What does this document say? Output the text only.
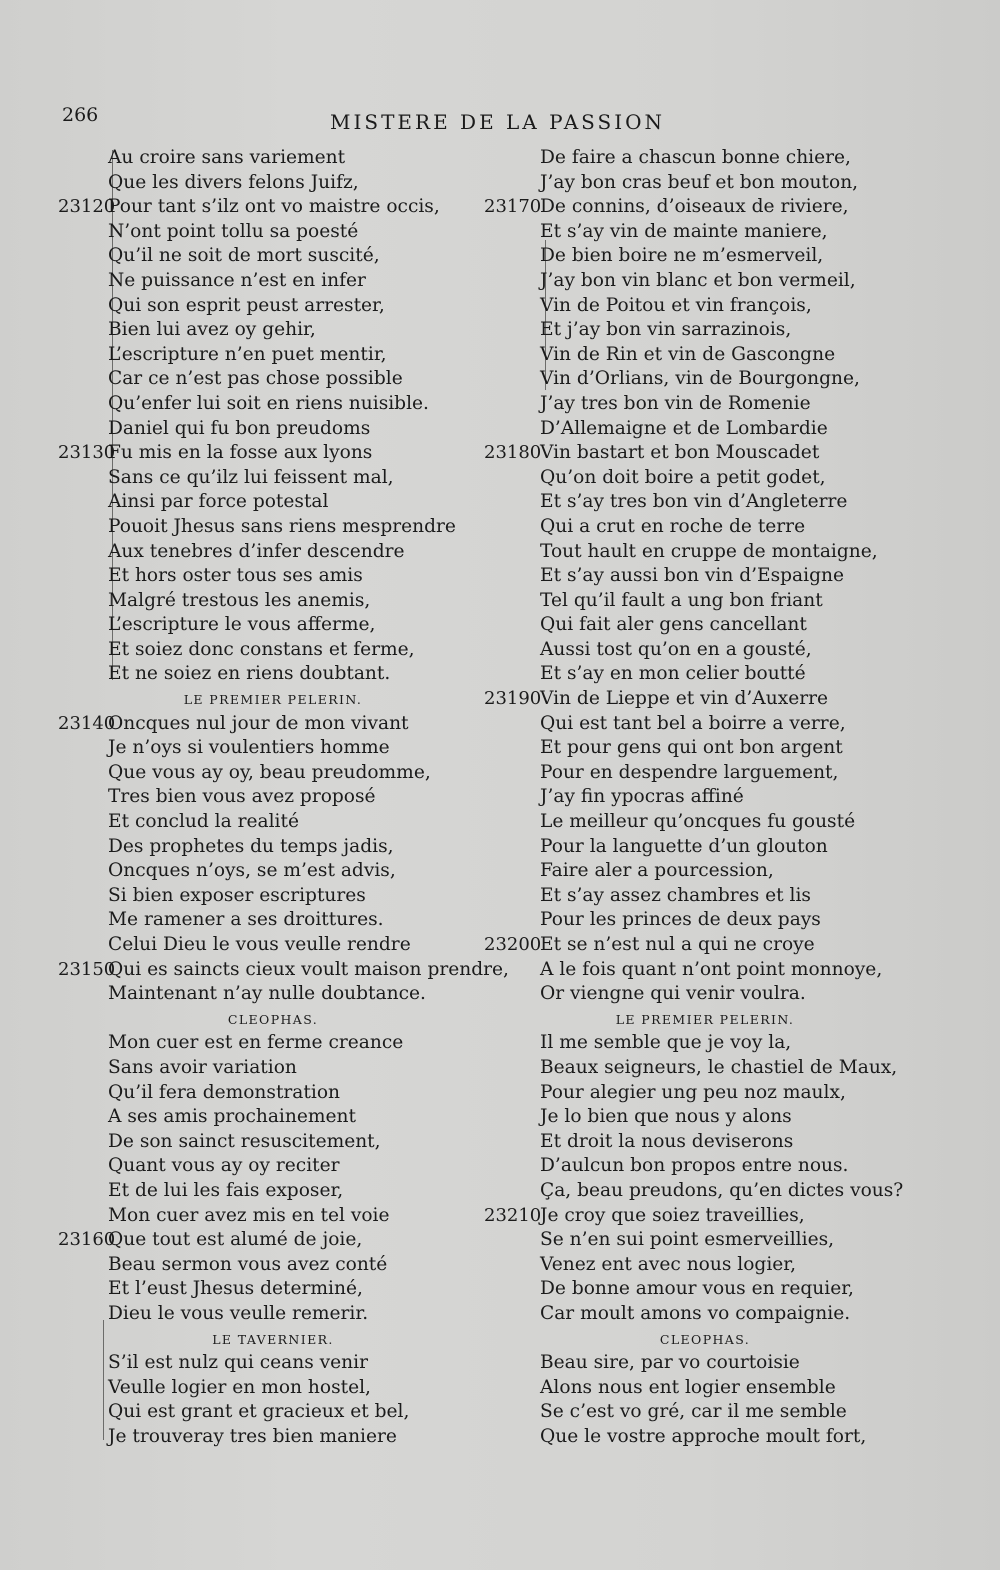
266	MISTERE DE LA PASSION
Au croire sans variement
Que les divers felons Juifz,
23120
Pour tant s’ilz ont vo maistre occis,
N’ont point tollu sa poesté
Qu’il ne soit de mort suscité,
Ne puissance n’est en infer
Qui son esprit peust arrester,
Bien lui avez oy gehir,
L’escripture n’en puet mentir,
Car ce n’est pas chose possible
Qu’enfer lui soit en riens nuisible.
Daniel qui fu bon preudoms
23130
Fu mis en la fosse aux lyons
Sans ce qu’ilz lui feissent mal,
Ainsi par force potestal
Pouoit Jhesus sans riens mesprendre
Aux tenebres d’infer descendre
Et hors oster tous ses amis
Malgré trestous les anemis,
L’escripture le vous afferme,
Et soiez donc constans et ferme,
Et ne soiez en riens doubtant.
LE PREMIER PELERIN.
23140
Oncques nul jour de mon vivant
Je n’oys si voulentiers homme
Que vous ay oy, beau preudomme,
Tres bien vous avez proposé
Et conclud la realité
Des prophetes du temps jadis,
Oncques n’oys, se m’est advis,
Si bien exposer escriptures
Me ramener a ses droittures.
Celui Dieu le vous veulle rendre
23150
Qui es saincts cieux voult maison prendre,
Maintenant n’ay nulle doubtance.
CLEOPHAS.
Mon cuer est en ferme creance
Sans avoir variation
Qu’il fera demonstration
A ses amis prochainement
De son sainct resuscitement,
Quant vous ay oy reciter
Et de lui les fais exposer,
Mon cuer avez mis en tel voie
23160
Que tout est alumé de joie,
Beau sermon vous avez conté
Et l’eust Jhesus determiné,
Dieu le vous veulle remerir.
LE TAVERNIER.
S’il est nulz qui ceans venir
Veulle logier en mon hostel,
Qui est grant et gracieux et bel,
Je trouveray tres bien maniere
De faire a chascun bonne chiere,
J’ay bon cras beuf et bon mouton,
23170
De connins, d’oiseaux de riviere,
Et s’ay vin de mainte maniere,
De bien boire ne m’esmerveil,
J’ay bon vin blanc et bon vermeil,
Vin de Poitou et vin françois,
Et j’ay bon vin sarrazinois,
Vin de Rin et vin de Gascongne
Vin d’Orlians, vin de Bourgongne,
J’ay tres bon vin de Romenie
D’Allemaigne et de Lombardie
23180
Vin bastart et bon Mouscadet
Qu’on doit boire a petit godet,
Et s’ay tres bon vin d’Angleterre
Qui a crut en roche de terre
Tout hault en cruppe de montaigne,
Et s’ay aussi bon vin d’Espaigne
Tel qu’il fault a ung bon friant
Qui fait aler gens cancellant
Aussi tost qu’on en a gousté,
Et s’ay en mon celier boutté
23190
Vin de Lieppe et vin d’Auxerre
Qui est tant bel a boirre a verre,
Et pour gens qui ont bon argent
Pour en despendre larguement,
J’ay fin ypocras affiné
Le meilleur qu’oncques fu gousté
Pour la languette d’un glouton
Faire aler a pourcession,
Et s’ay assez chambres et lis
Pour les princes de deux pays
23200
Et se n’est nul a qui ne croye
A le fois quant n’ont point monnoye,
Or viengne qui venir voulra.
LE PREMIER PELERIN.
Il me semble que je voy la,
Beaux seigneurs, le chastiel de Maux,
Pour alegier ung peu noz maulx,
Je lo bien que nous y alons
Et droit la nous deviserons
D’aulcun bon propos entre nous.
Ça, beau preudons, qu’en dictes vous?
23210
Je croy que soiez traveillies,
Se n’en sui point esmerveillies,
Venez ent avec nous logier,
De bonne amour vous en requier,
Car moult amons vo compaignie.
CLEOPHAS.
Beau sire, par vo courtoisie
Alons nous ent logier ensemble
Se c’est vo gré, car il me semble
Que le vostre approche moult fort,
